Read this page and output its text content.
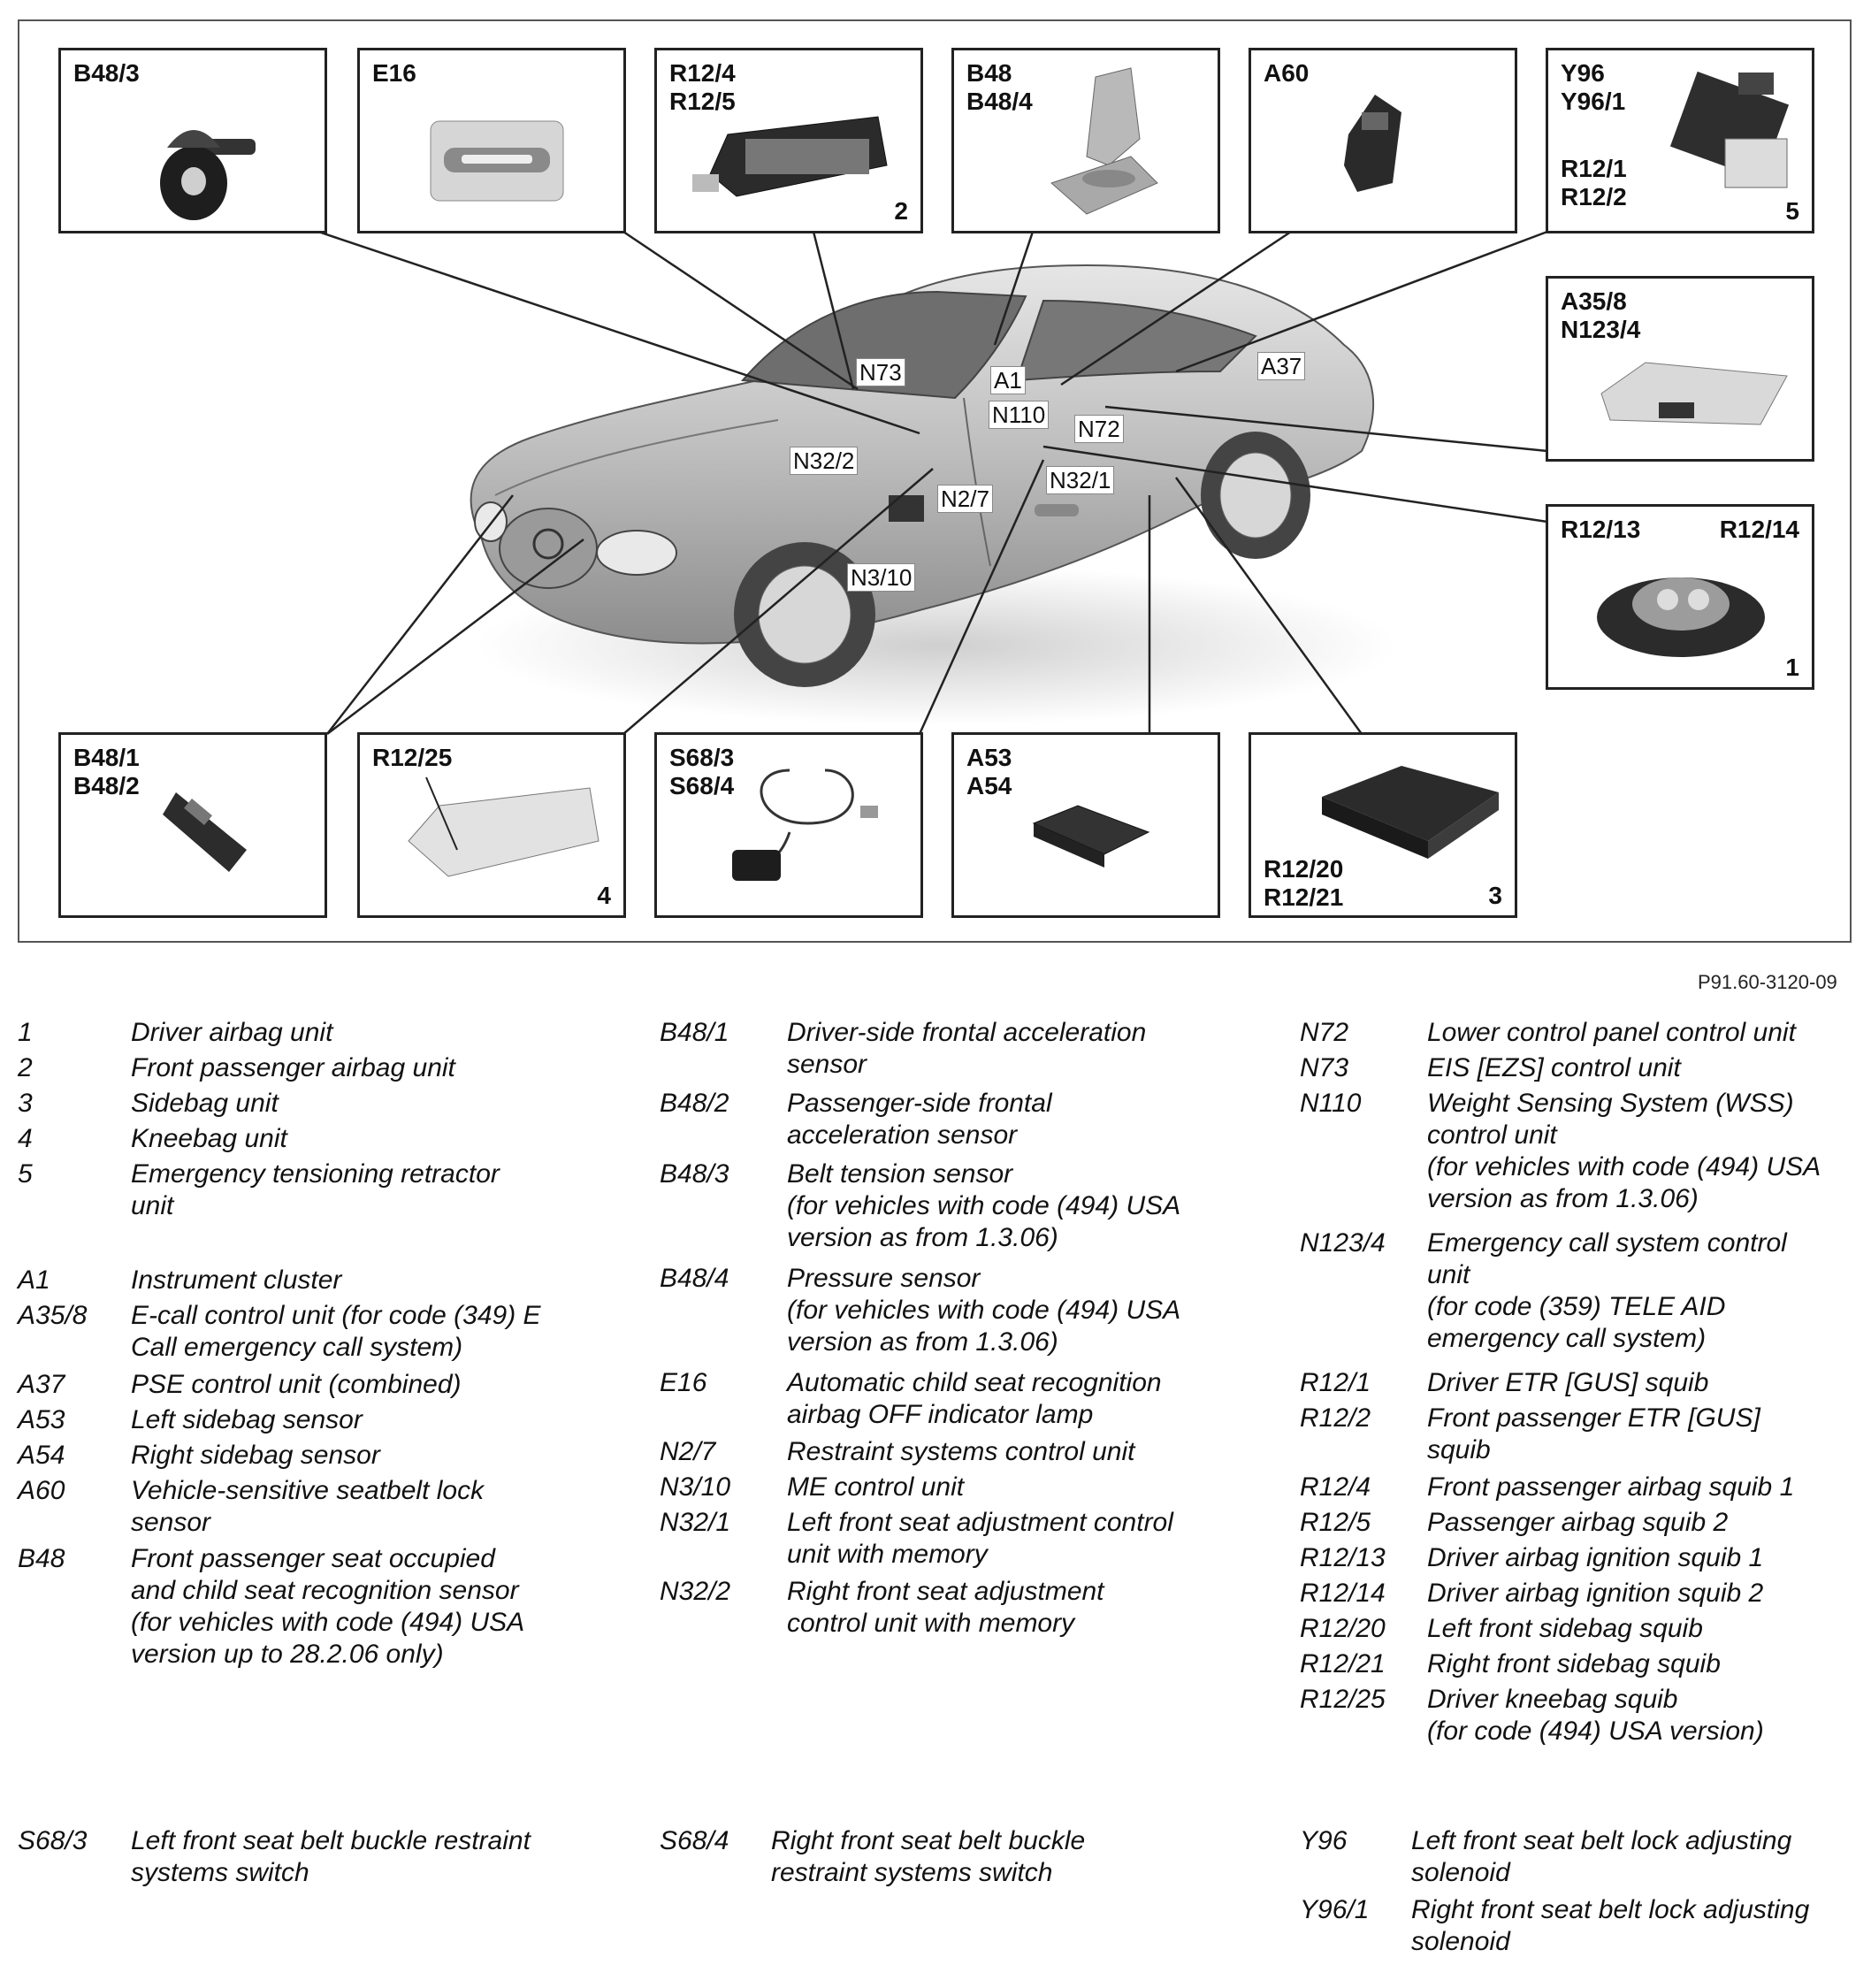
B48/3	E16	R12/4
R12/5
2
B48
B48/4
A60	Y96
Y96/1
R12/1
R12/2
5
A35/8
N123/4
R12/13	R12/14
1
B48/1
B48/2
R12/25
4
S68/3
S68/4
A53
A54
R12/20
R12/21	3
N73	A1
N110
N72
A37
N32/2
N2/7
N32/1
N3/10
P91.60-3120-09
1	Driver airbag unit
2	Front passenger airbag unit
3	Sidebag unit
4	Kneebag unit
5	Emergency tensioning retractor
unit
A1	Instrument cluster
A35/8 E-call control unit (for code (349) E
Call emergency call system)
A37 PSE control unit (combined)
A53 Left sidebag sensor
A54 Right sidebag sensor
A60 Vehicle-sensitive seatbelt lock
sensor
B48 Front passenger seat occupied
and child seat recognition sensor
(for vehicles with code (494) USA
version up to 28.2.06 only)
B48/1 Driver-side frontal acceleration
sensor
B48/2 Passenger-side frontal
acceleration sensor
B48/3 Belt tension sensor
(for vehicles with code (494) USA
version as from 1.3.06)
B48/4 Pressure sensor
(for vehicles with code (494) USA
version as from 1.3.06)
E16	Automatic child seat recognition
airbag OFF indicator lamp
N2/7	Restraint systems control unit
N3/10 ME control unit
N32/1 Left front seat adjustment control
unit with memory
N32/2 Right front seat adjustment
control unit with memory
N72	Lower control panel control unit
N73	EIS [EZS] control unit
N110 Weight Sensing System (WSS)
control unit
(for vehicles with code (494) USA
version as from 1.3.06)
N123/4 Emergency call system control
unit
(for code (359) TELE AID
emergency call system)
R12/1 Driver ETR [GUS] squib
R12/2 Front passenger ETR [GUS]
squib
R12/4 Front passenger airbag squib 1
R12/5 Passenger airbag squib 2
R12/13 Driver airbag ignition squib 1
R12/14 Driver airbag ignition squib 2
R12/20 Left front sidebag squib
R12/21 Right front sidebag squib
R12/25 Driver kneebag squib
(for code (494) USA version)
S68/3 Left front seat belt buckle restraint
systems switch
S68/4 Right front seat belt buckle
restraint systems switch
Y96 Left front seat belt lock adjusting
solenoid
Y96/1 Right front seat belt lock adjusting
solenoid
